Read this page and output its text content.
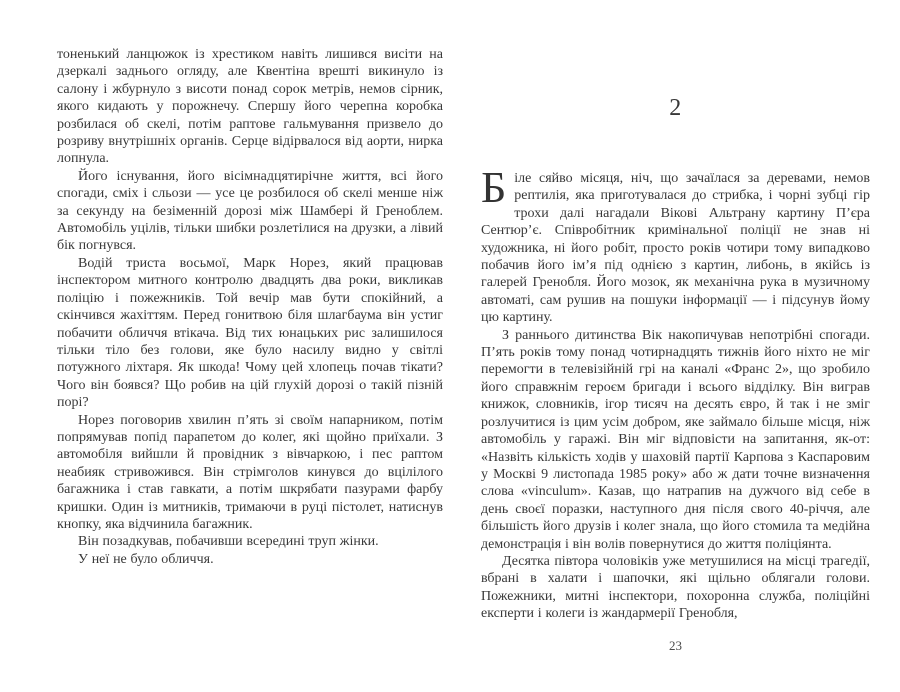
тоненький ланцюжок із хрестиком навіть лишився висіти на дзеркалі заднього огляду, але Квентіна врешті викинуло із салону і жбурнуло з висоти понад сорок метрів, немов сірник, якого кидають у порожнечу. Спершу його черепна коробка розбилася об скелі, потім раптове гальмування призвело до розриву внутрішніх органів. Серце відірвалося від аорти, нирка лопнула.

Його існування, його вісімнадцятирічне життя, всі його спогади, сміх і сльози — усе це розбилося об скелі менше ніж за секунду на безіменній дорозі між Шамбері й Греноблем. Автомобіль уцілів, тільки шибки розлетілися на друзки, а лівий бік погнувся.

Водій триста восьмої, Марк Норез, який працював інспектором митного контролю двадцять два роки, викликав поліцію і пожежників. Той вечір мав бути спокійний, а скінчився жахіттям. Перед гонитвою біля шлагбаума він устиг побачити обличчя втікача. Від тих юнацьких рис залишилося тільки тіло без голови, яке було насилу видно у світлі потужного ліхтаря. Як шкода! Чому цей хлопець почав тікати? Чого він боявся? Що робив на цій глухій дорозі о такій пізній порі?

Норез поговорив хвилин п’ять зі своїм напарником, потім попрямував попід парапетом до колег, які щойно приїхали. З автомобіля вийшли й провідник з вівчаркою, і пес раптом неабияк стривожився. Він стрімголов кинувся до вцілілого багажника і став гавкати, а потім шкрябати пазурами фарбу кришки. Один із митників, тримаючи в руці пістолет, натиснув кнопку, яка відчинила багажник.

Він позадкував, побачивши всередині труп жінки.

У неї не було обличчя.

2

Біле сяйво місяця, ніч, що зачаїлася за деревами, немов рептилія, яка приготувалася до стрибка, і чорні зубці гір трохи далі нагадали Вікові Альтрану картину П’єра Сентюр’є. Співробітник кримінальної поліції не знав ні художника, ні його робіт, просто років чотири тому випадково побачив його ім’я під однією з картин, либонь, в якійсь із галерей Гренобля. Його мозок, як механічна рука в музичному автоматі, сам рушив на пошуки інформації — і підсунув йому цю картину.

З раннього дитинства Вік накопичував непотрібні спогади. П’ять років тому понад чотирнадцять тижнів його ніхто не міг перемогти в телевізійній грі на каналі «Франс 2», що зробило його справжнім героєм бригади і всього відділку. Він виграв книжок, словників, ігор тисяч на десять євро, й так і не зміг розлучитися із цим усім добром, яке займало більше місця, ніж автомобіль у гаражі. Він міг відповісти на запитання, як-от: «Назвіть кількість ходів у шаховій партії Карпова з Каспаровим у Москві 9 листопада 1985 року» або ж дати точне визначення слова «vinculum». Казав, що натрапив на дужчого від себе в день своєї поразки, наступного дня після свого 40-річчя, але більшість його друзів і колег знала, що його стомила та медійна демонстрація і він волів повернутися до життя поліціянта.

Десятка півтора чоловіків уже метушилися на місці трагедії, вбрані в халати і шапочки, які щільно облягали голови. Пожежники, митні інспектори, похоронна служба, поліційні експерти і колеги із жандармерії Гренобля,

23
